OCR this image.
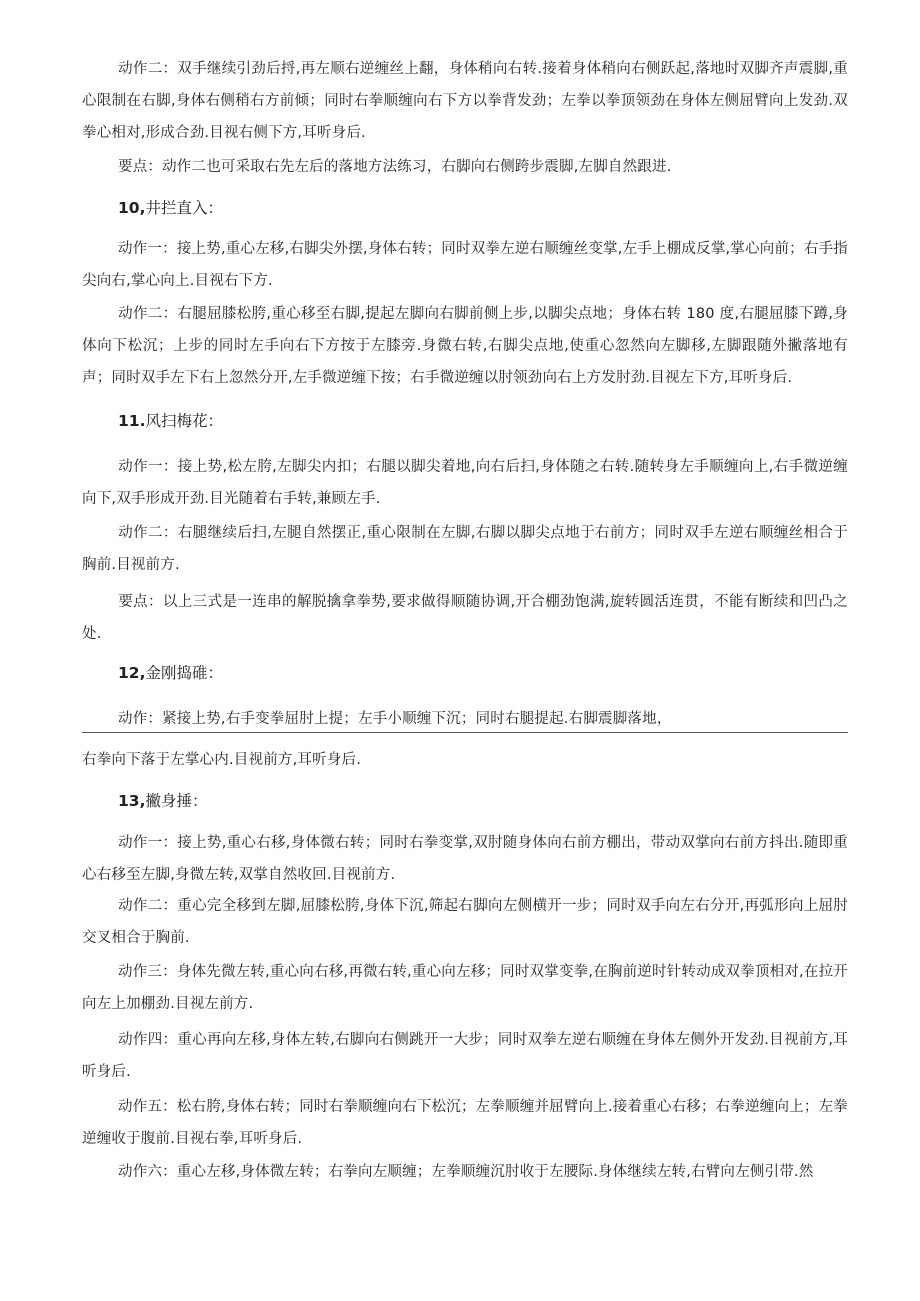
动作二：双手继续引劲后捋,再左顺右逆缠丝上翻，身体稍向右转.接着身体稍向右侧跃起,落地时双脚齐声震脚,重心限制在右脚,身体右侧稍右方前倾；同时右拳顺缠向右下方以拳背发劲；左拳以拳顶领劲在身体左侧屈臂向上发劲.双拳心相对,形成合劲.目视右侧下方,耳听身后.
要点：动作二也可采取右先左后的落地方法练习，右脚向右侧跨步震脚,左脚自然跟进.
10,井拦直入：
动作一：接上势,重心左移,右脚尖外摆,身体右转；同时双拳左逆右顺缠丝变掌,左手上棚成反掌,掌心向前；右手指尖向右,掌心向上.目视右下方.
动作二：右腿屈膝松胯,重心移至右脚,提起左脚向右脚前侧上步,以脚尖点地；身体右转 180 度,右腿屈膝下蹲,身体向下松沉；上步的同时左手向右下方按于左膝旁.身微右转,右脚尖点地,使重心忽然向左脚移,左脚跟随外撇落地有声；同时双手左下右上忽然分开,左手微逆缠下按；右手微逆缠以肘领劲向右上方发肘劲.目视左下方,耳听身后.
11.风扫梅花：
动作一：接上势,松左胯,左脚尖内扣；右腿以脚尖着地,向右后扫,身体随之右转.随转身左手顺缠向上,右手微逆缠向下,双手形成开劲.目光随着右手转,兼顾左手.
动作二：右腿继续后扫,左腿自然摆正,重心限制在左脚,右脚以脚尖点地于右前方；同时双手左逆右顺缠丝相合于胸前.目视前方.
要点：以上三式是一连串的解脱擒拿拳势,要求做得顺随协调,开合棚劲饱满,旋转圆活连贯，不能有断续和凹凸之处.
12,金刚捣碓：
动作：紧接上势,右手变拳屈肘上提；左手小顺缠下沉；同时右腿提起.右脚震脚落地，
右拳向下落于左掌心内.目视前方,耳听身后.
13,撇身捶：
动作一：接上势,重心右移,身体微右转；同时右拳变掌,双肘随身体向右前方棚出，带动双掌向右前方抖出.随即重心右移至左脚,身微左转,双掌自然收回.目视前方.
动作二：重心完全移到左脚,屈膝松胯,身体下沉,筛起右脚向左侧横开一步；同时双手向左右分开,再弧形向上屈肘交叉相合于胸前.
动作三：身体先微左转,重心向右移,再微右转,重心向左移；同时双掌变拳,在胸前逆时针转动成双拳顶相对,在拉开向左上加棚劲.目视左前方.
动作四：重心再向左移,身体左转,右脚向右侧跳开一大步；同时双拳左逆右顺缠在身体左侧外开发劲.目视前方,耳听身后.
动作五：松右胯,身体右转；同时右拳顺缠向右下松沉；左拳顺缠并屈臂向上.接着重心右移；右拳逆缠向上；左拳逆缠收于腹前.目视右拳,耳听身后.
动作六：重心左移,身体微左转；右拳向左顺缠；左拳顺缠沉肘收于左腰际.身体继续左转,右臂向左侧引带.然
